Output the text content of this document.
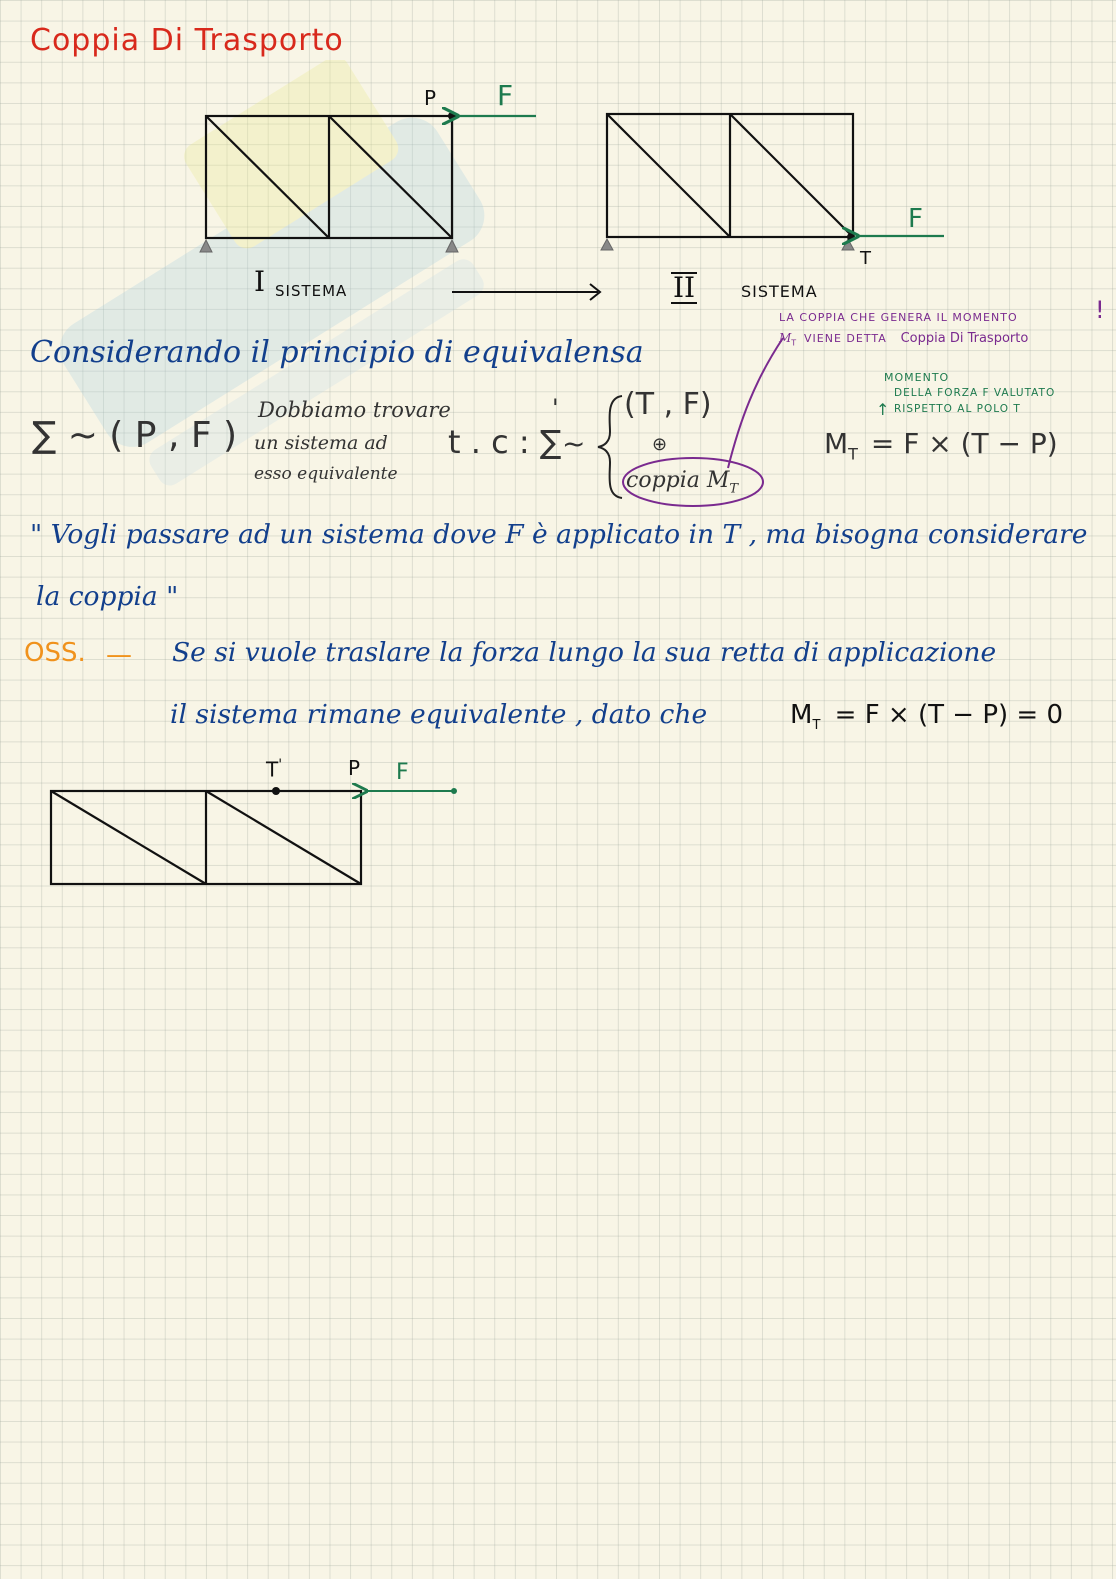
Coppia Di Trasporto
P F
I SISTEMA	II	SISTEMA
F
T
LA COPPIA CHE GENERA IL MOMENTO
$M_T$ VIENE DETTA Coppia Di Trasporto
!
Considerando il principio di equivalensa
∑ ~ ( P , F )
Dobbiamo trovare
un sistema ad
esso equivalente
t . c : ∑
'
~
(T , F)
⊕
coppia $M_T$
↑
MOMENTO
DELLA FORZA F VALUTATO
RISPETTO AL POLO T
$M_T = F \times (T - P)$
" Vogli passare ad un sistema dove F è applicato in T , ma bisogna considerare
la coppia "
OSS. — Se si vuole traslare la forza lungo la sua retta di applicazione
il sistema rimane equivalente , dato che	$M_T = F \times (T - P) = 0$
T'	P F
